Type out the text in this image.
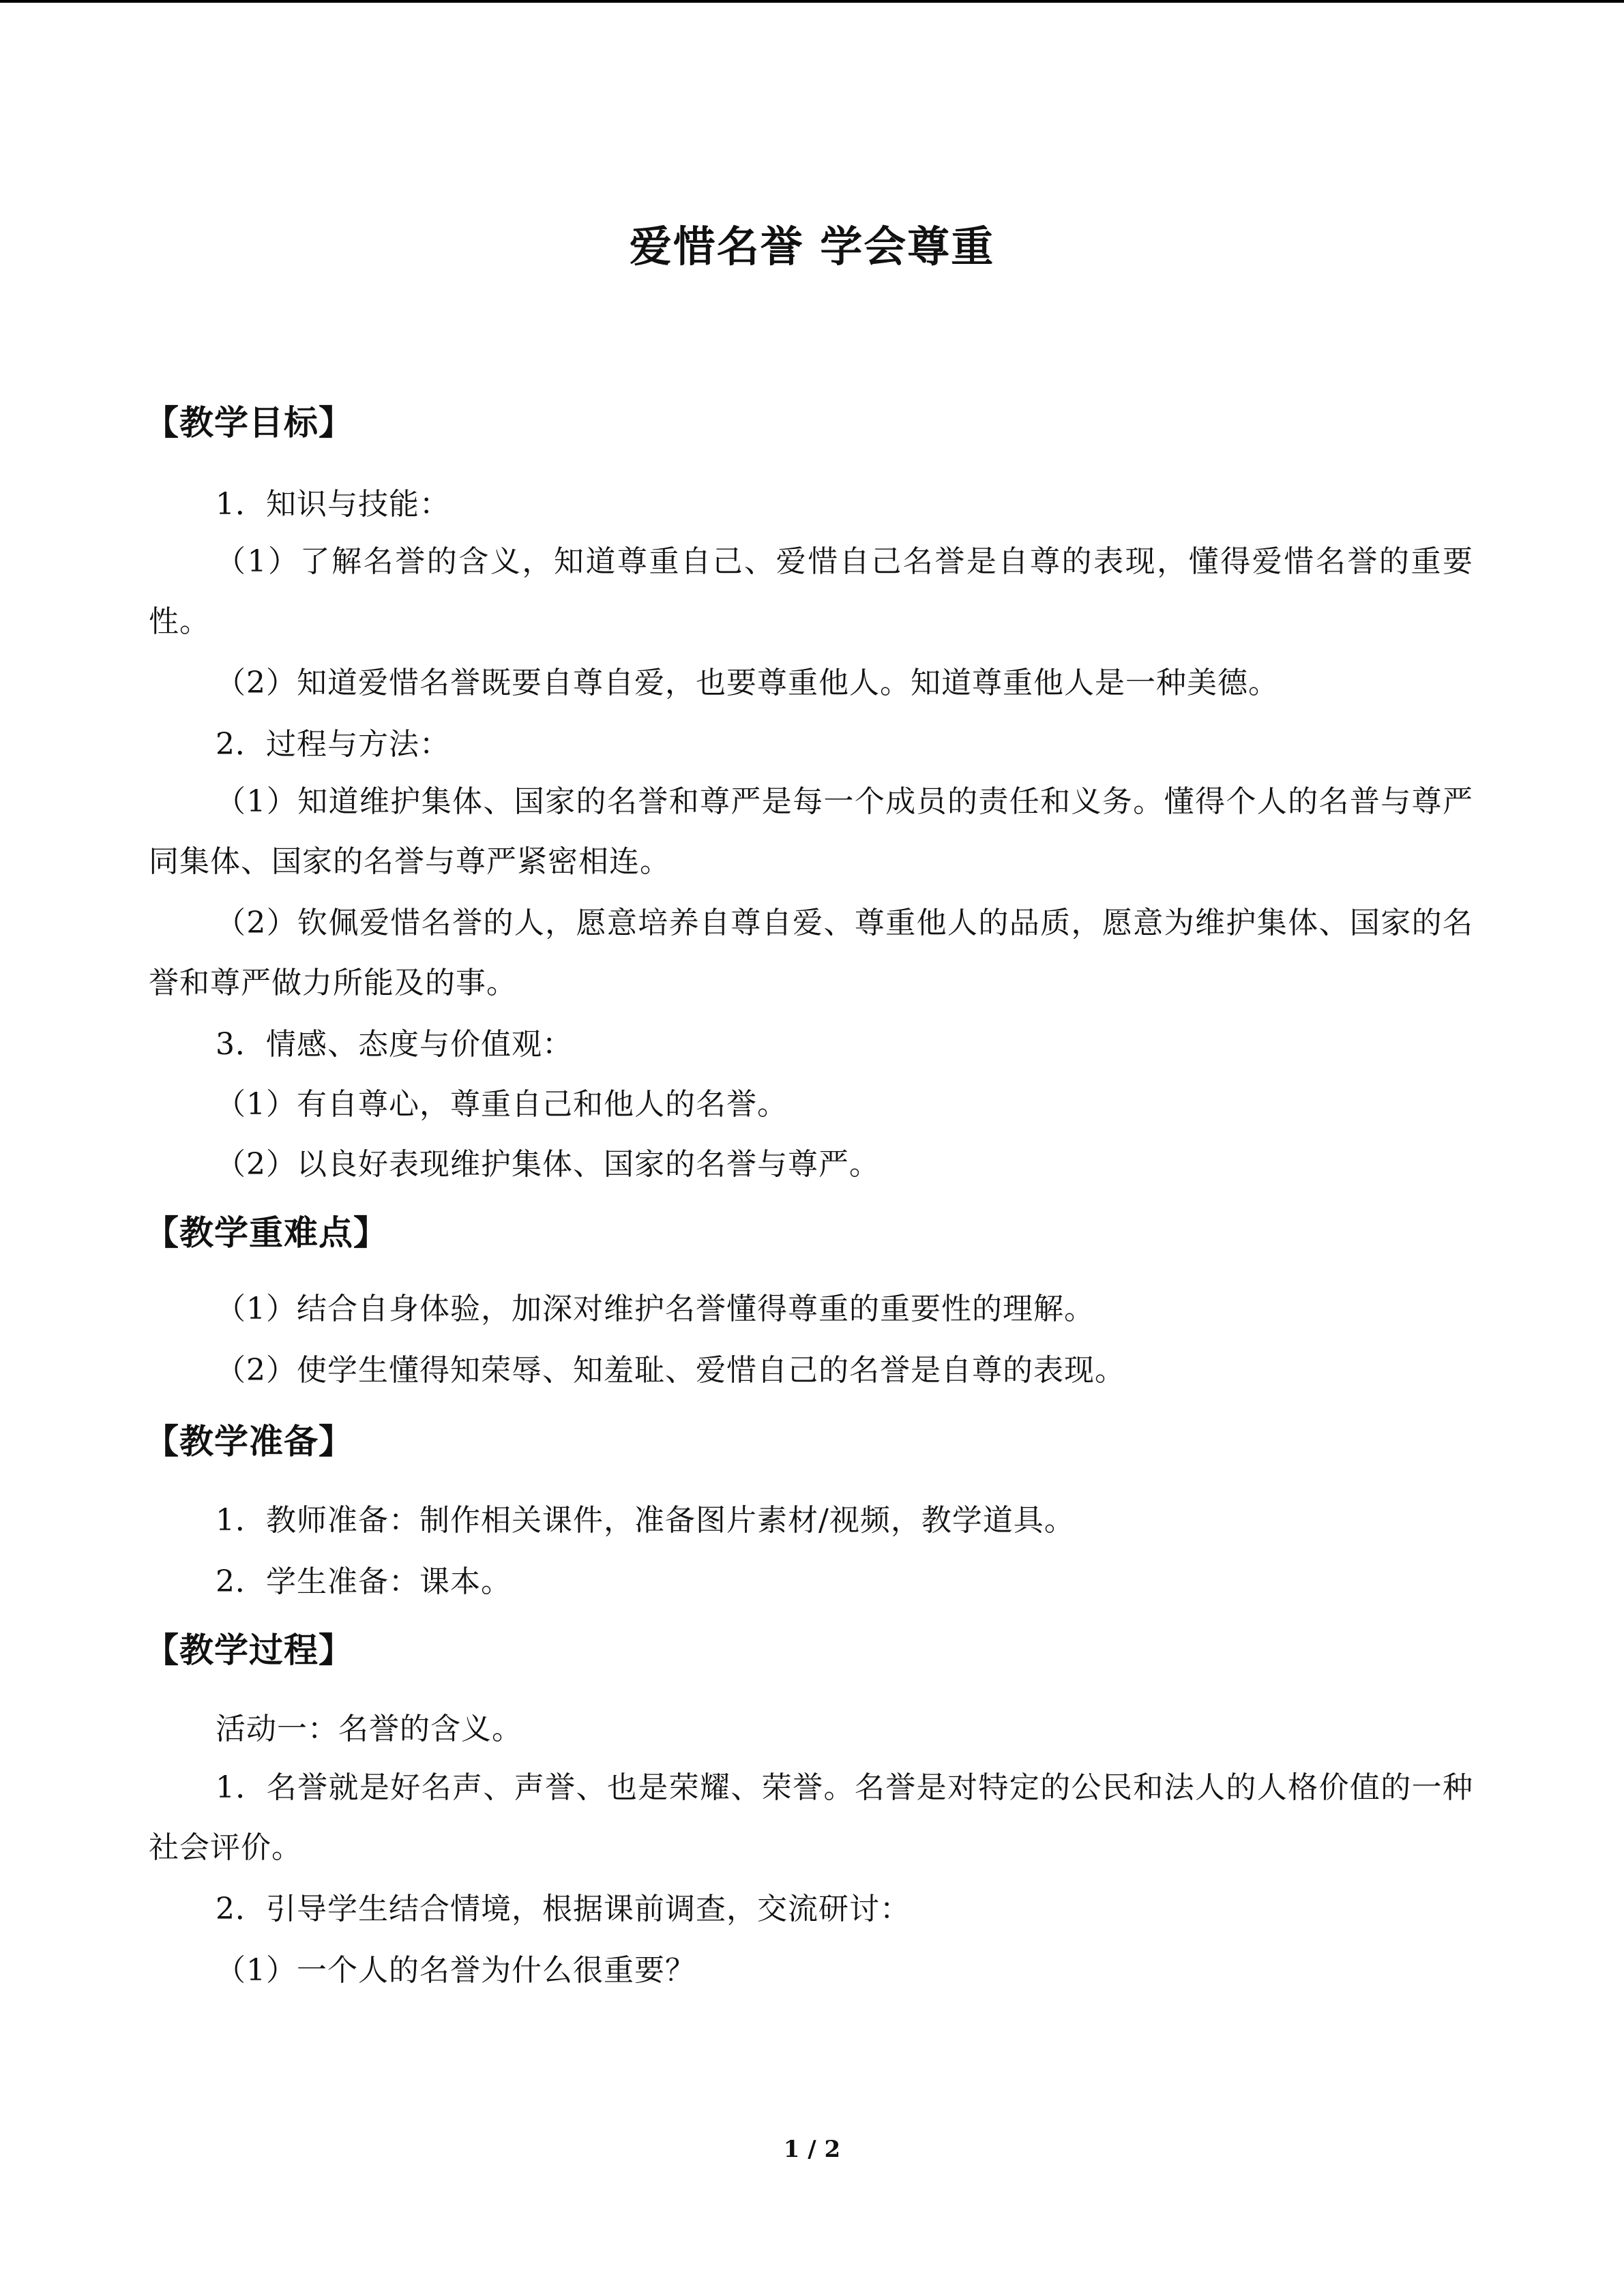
爱惜名誉 学会尊重
【教学目标】
1．知识与技能：
（1）了解名誉的含义，知道尊重自己、爱惜自己名誉是自尊的表现，懂得爱惜名誉的重要性。
（2）知道爱惜名誉既要自尊自爱，也要尊重他人。知道尊重他人是一种美德。
2．过程与方法：
（1）知道维护集体、国家的名誉和尊严是每一个成员的责任和义务。懂得个人的名普与尊严同集体、国家的名誉与尊严紧密相连。
（2）钦佩爱惜名誉的人，愿意培养自尊自爱、尊重他人的品质，愿意为维护集体、国家的名誉和尊严做力所能及的事。
3．情感、态度与价值观：
（1）有自尊心，尊重自己和他人的名誉。
（2）以良好表现维护集体、国家的名誉与尊严。
【教学重难点】
（1）结合自身体验，加深对维护名誉懂得尊重的重要性的理解。
（2）使学生懂得知荣辱、知羞耻、爱惜自己的名誉是自尊的表现。
【教学准备】
1．教师准备：制作相关课件，准备图片素材/视频，教学道具。
2．学生准备：课本。
【教学过程】
活动一：名誉的含义。
1．名誉就是好名声、声誉、也是荣耀、荣誉。名誉是对特定的公民和法人的人格价值的一种社会评价。
2．引导学生结合情境，根据课前调查，交流研讨：
（1）一个人的名誉为什么很重要？
1 / 2
